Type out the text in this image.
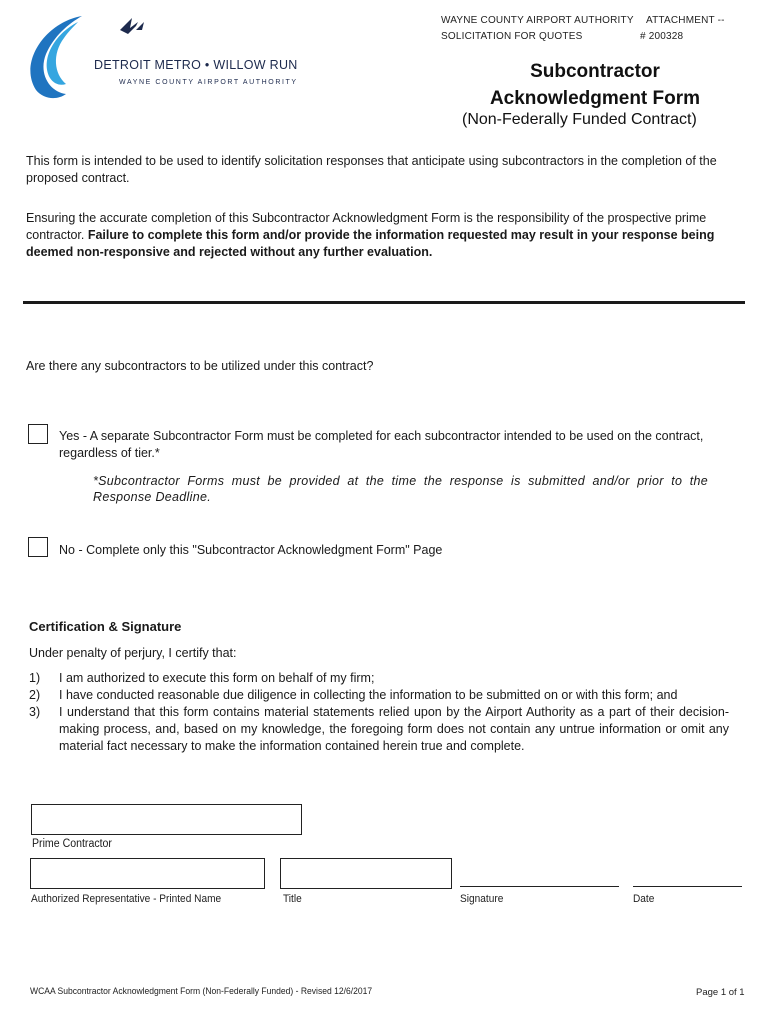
DETROIT METRO • WILLOW RUN
WAYNE COUNTY AIRPORT AUTHORITY
WAYNE COUNTY AIRPORT AUTHORITY
SOLICITATION FOR QUOTES
ATTACHMENT --
# 200328
Subcontractor
Acknowledgment Form
(Non-Federally Funded Contract)
This form is intended to be used to identify solicitation responses that anticipate using subcontractors in the completion of the proposed contract.
Ensuring the accurate completion of this Subcontractor Acknowledgment Form is the responsibility of the prospective prime contractor. Failure to complete this form and/or provide the information requested may result in your response being deemed non-responsive and rejected without any further evaluation.
Are there any subcontractors to be utilized under this contract?
Yes - A separate Subcontractor Form must be completed for each subcontractor intended to be used on the contract, regardless of tier.*
*Subcontractor Forms must be provided at the time the response is submitted and/or prior to the Response Deadline.
No - Complete only this "Subcontractor Acknowledgment Form" Page
Certification & Signature
Under penalty of perjury, I certify that:
1)	I am authorized to execute this form on behalf of my firm;
2)	I have conducted reasonable due diligence in collecting the information to be submitted on or with this form; and
3)	I understand that this form contains material statements relied upon by the Airport Authority as a part of their decision-making process, and, based on my knowledge, the foregoing form does not contain any untrue information or omit any material fact necessary to make the information contained herein true and complete.
Prime Contractor
Authorized Representative - Printed Name	Title	Signature	Date
WCAA Subcontractor Acknowledgment Form (Non-Federally Funded) - Revised 12/6/2017	Page 1 of 1
